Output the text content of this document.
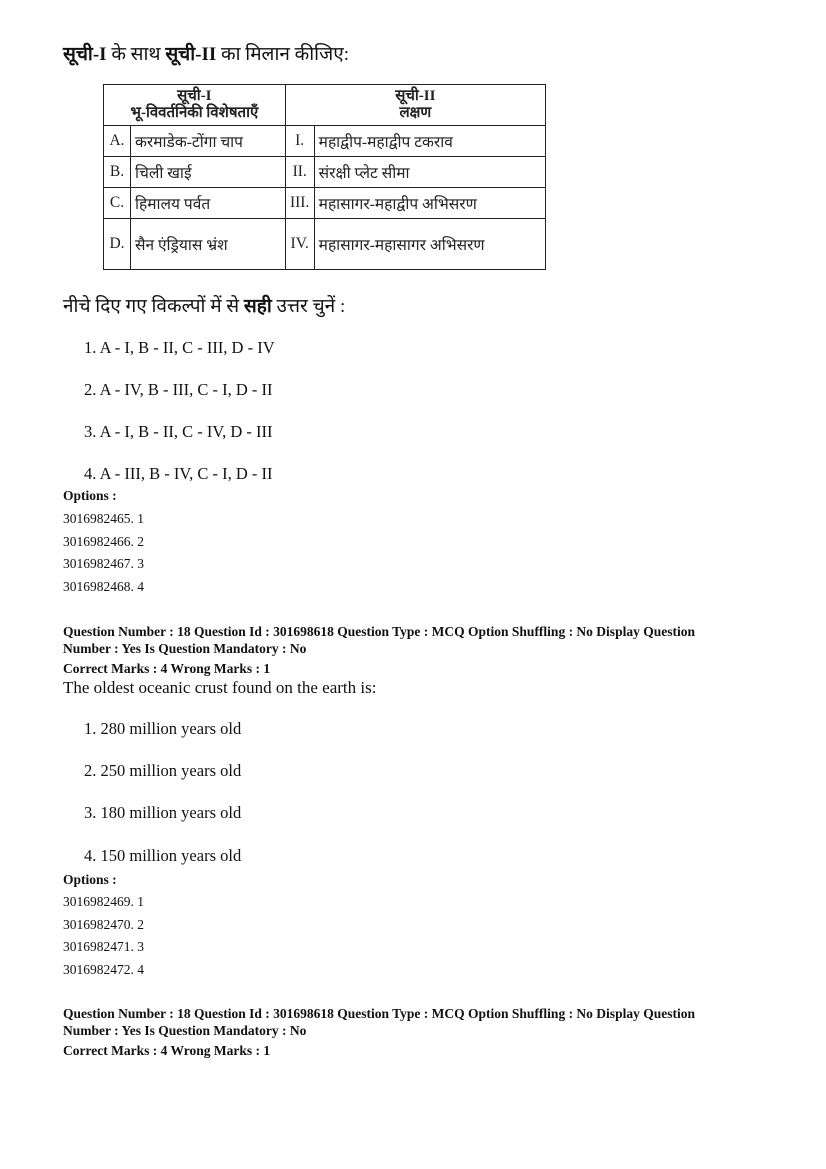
सूची-I के साथ सूची-II का मिलान कीजिए:
सूची-I
भू-विवर्तनिकी विशेषताएँ		सूची-II
लक्षण	
A.	करमाडेक-टोंगा चाप	I.	महाद्वीप-महाद्वीप टकराव
B.	चिली खाई	II.	संरक्षी प्लेट सीमा
C.	हिमालय पर्वत	III.	महासागर-महाद्वीप अभिसरण
D.	सैन एंड्रियास भ्रंश	IV.	महासागर-महासागर अभिसरण
नीचे दिए गए विकल्पों में से सही उत्तर चुनें :
1. A - I, B - II, C - III, D - IV
2. A - IV, B - III, C - I, D - II
3. A - I, B - II, C - IV, D - III
4. A - III, B - IV, C - I, D - II
Options :
3016982465. 1
3016982466. 2
3016982467. 3
3016982468. 4
Question Number : 18 Question Id : 301698618 Question Type : MCQ Option Shuffling : No Display Question
Number : Yes Is Question Mandatory : No
Correct Marks : 4 Wrong Marks : 1
The oldest oceanic crust found on the earth is:
1. 280 million years old
2. 250 million years old
3. 180 million years old
4. 150 million years old
Options :
3016982469. 1
3016982470. 2
3016982471. 3
3016982472. 4
Question Number : 18 Question Id : 301698618 Question Type : MCQ Option Shuffling : No Display Question
Number : Yes Is Question Mandatory : No
Correct Marks : 4 Wrong Marks : 1
